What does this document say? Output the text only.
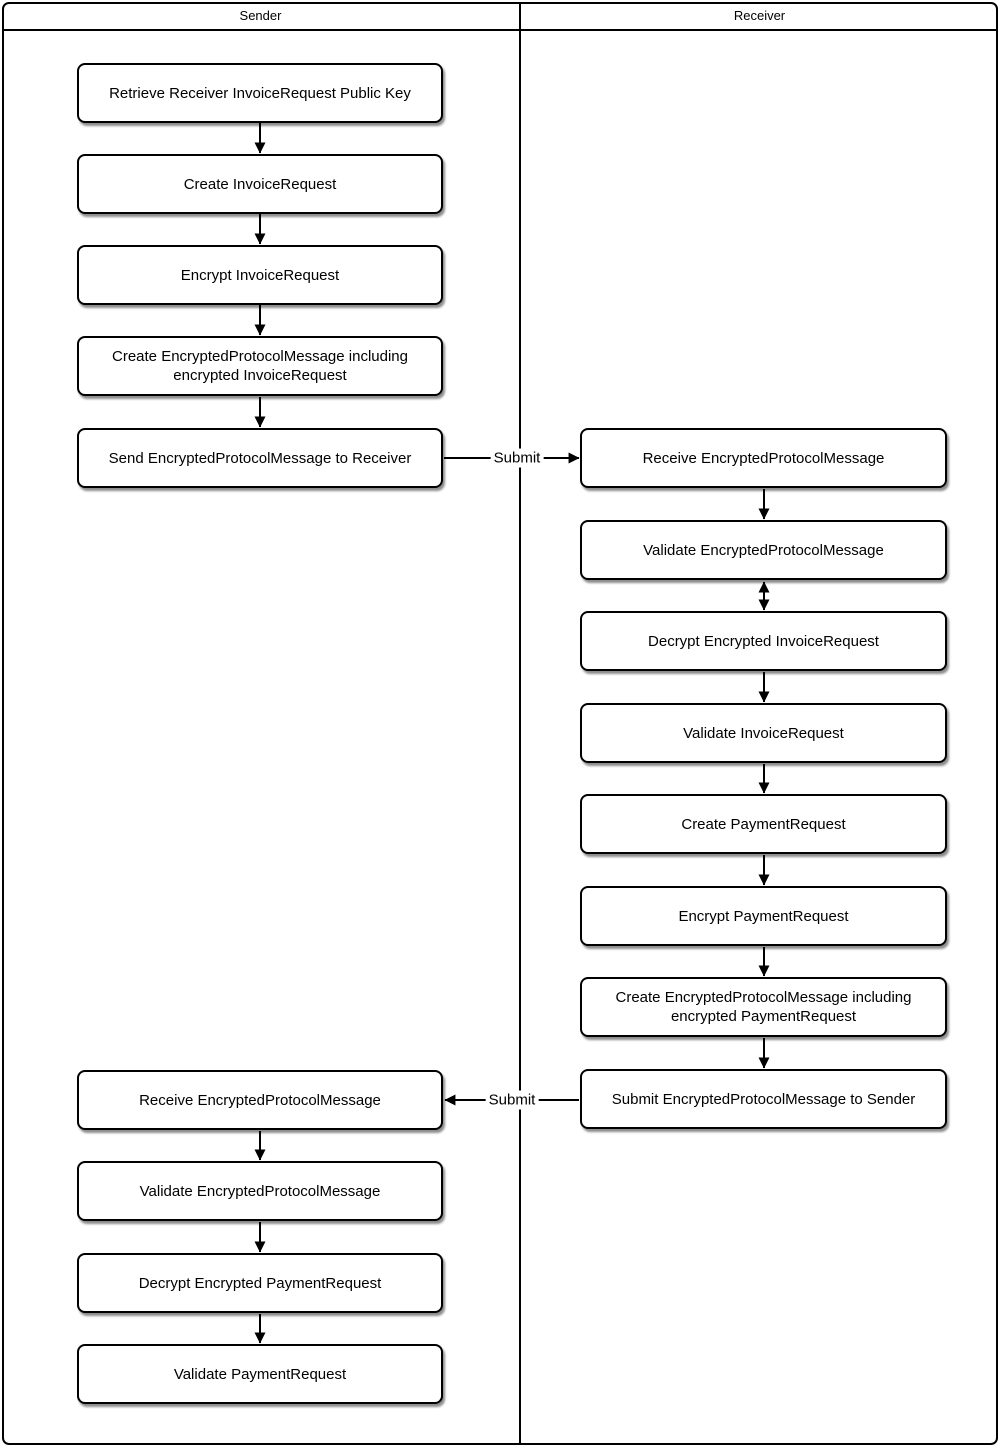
Sender	Receiver
Retrieve Receiver InvoiceRequest Public Key
Create InvoiceRequest
Encrypt InvoiceRequest
Create EncryptedProtocolMessage including encrypted InvoiceRequest
Send EncryptedProtocolMessage to Receiver	Receive EncryptedProtocolMessage
Validate EncryptedProtocolMessage
Decrypt Encrypted InvoiceRequest
Validate InvoiceRequest
Create PaymentRequest
Encrypt PaymentRequest
Create EncryptedProtocolMessage including encrypted PaymentRequest
Submit EncryptedProtocolMessage to Sender
Receive EncryptedProtocolMessage
Validate EncryptedProtocolMessage
Decrypt Encrypted PaymentRequest
Validate PaymentRequest
Submit
Submit
